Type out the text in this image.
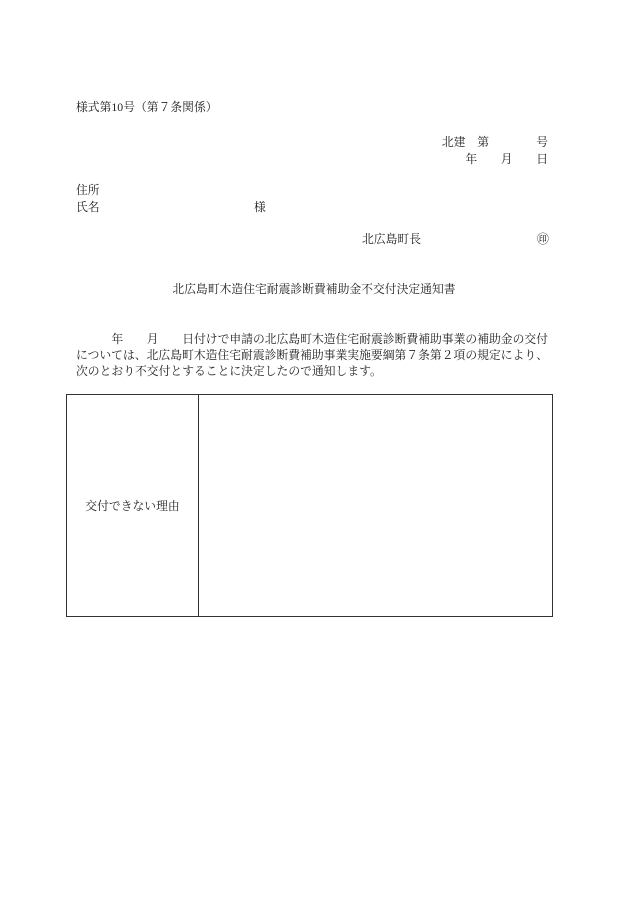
様式第10号（第７条関係）
北建　第　　　　号
年　　月　　日
住所
氏名	様
北広島町長	㊞
北広島町木造住宅耐震診断費補助金不交付決定通知書
　　　年　　月　　日付けで申請の北広島町木造住宅耐震診断費補助事業の補助金の交付
については、北広島町木造住宅耐震診断費補助事業実施要綱第７条第２項の規定により、
次のとおり不交付とすることに決定したので通知します。
交付できない理由
